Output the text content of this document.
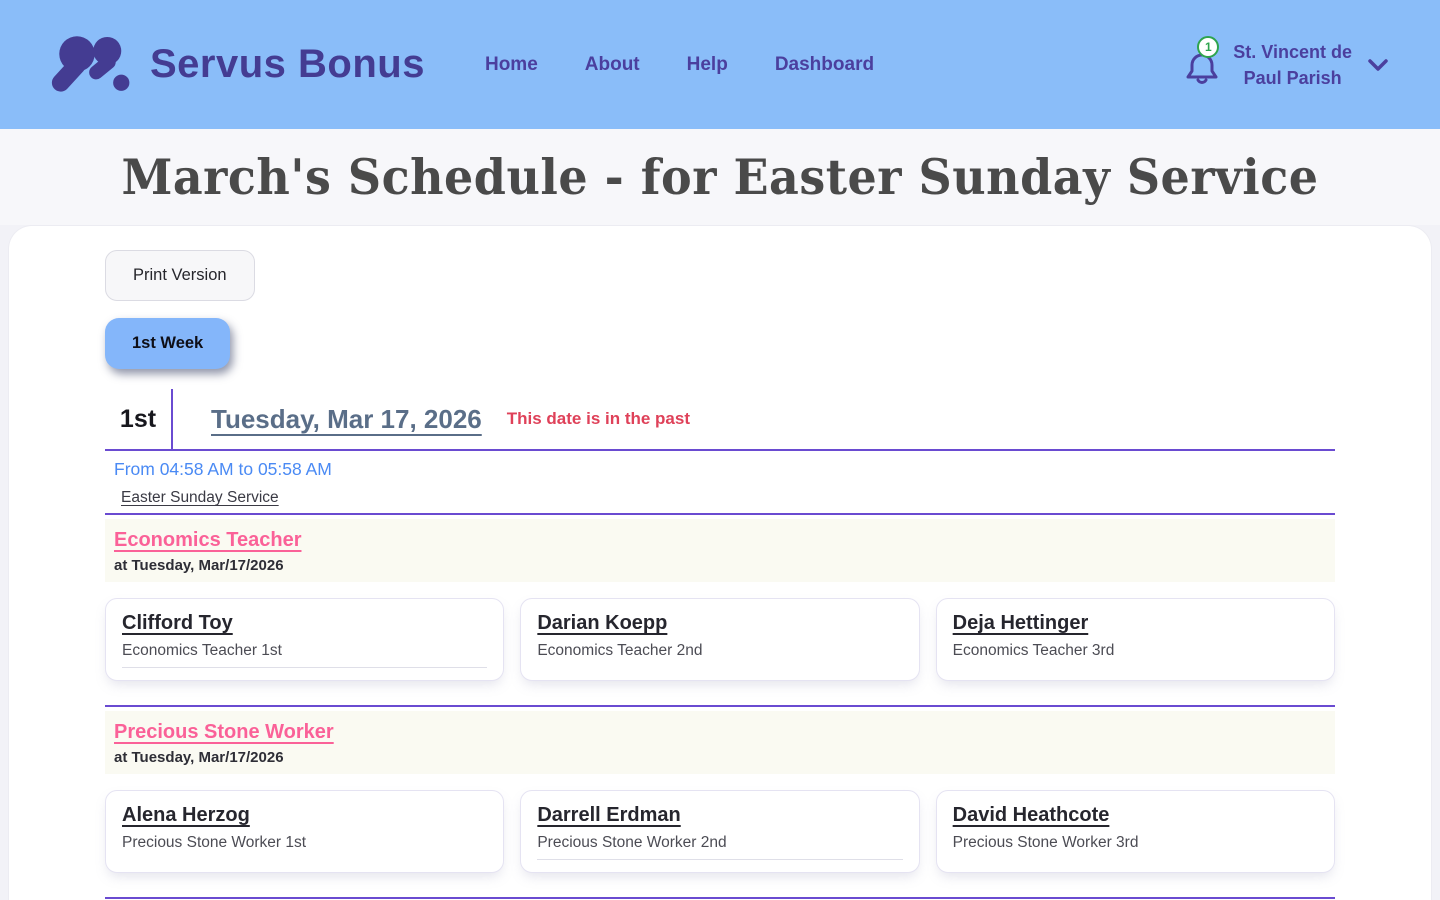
Servus Bonus	Home About Help Dashboard
1	St. Vincent de
Paul Parish
March's Schedule - for Easter Sunday Service
Print Version
1st Week
1st	Tuesday, Mar 17, 2026 This date is in the past
From 04:58 AM to 05:58 AM
Easter Sunday Service
Economics Teacher
at Tuesday, Mar/17/2026
Clifford Toy
Economics Teacher 1st
Darian Koepp
Economics Teacher 2nd
Deja Hettinger
Economics Teacher 3rd
Precious Stone Worker
at Tuesday, Mar/17/2026
Alena Herzog
Precious Stone Worker 1st
Darrell Erdman
Precious Stone Worker 2nd
David Heathcote
Precious Stone Worker 3rd
